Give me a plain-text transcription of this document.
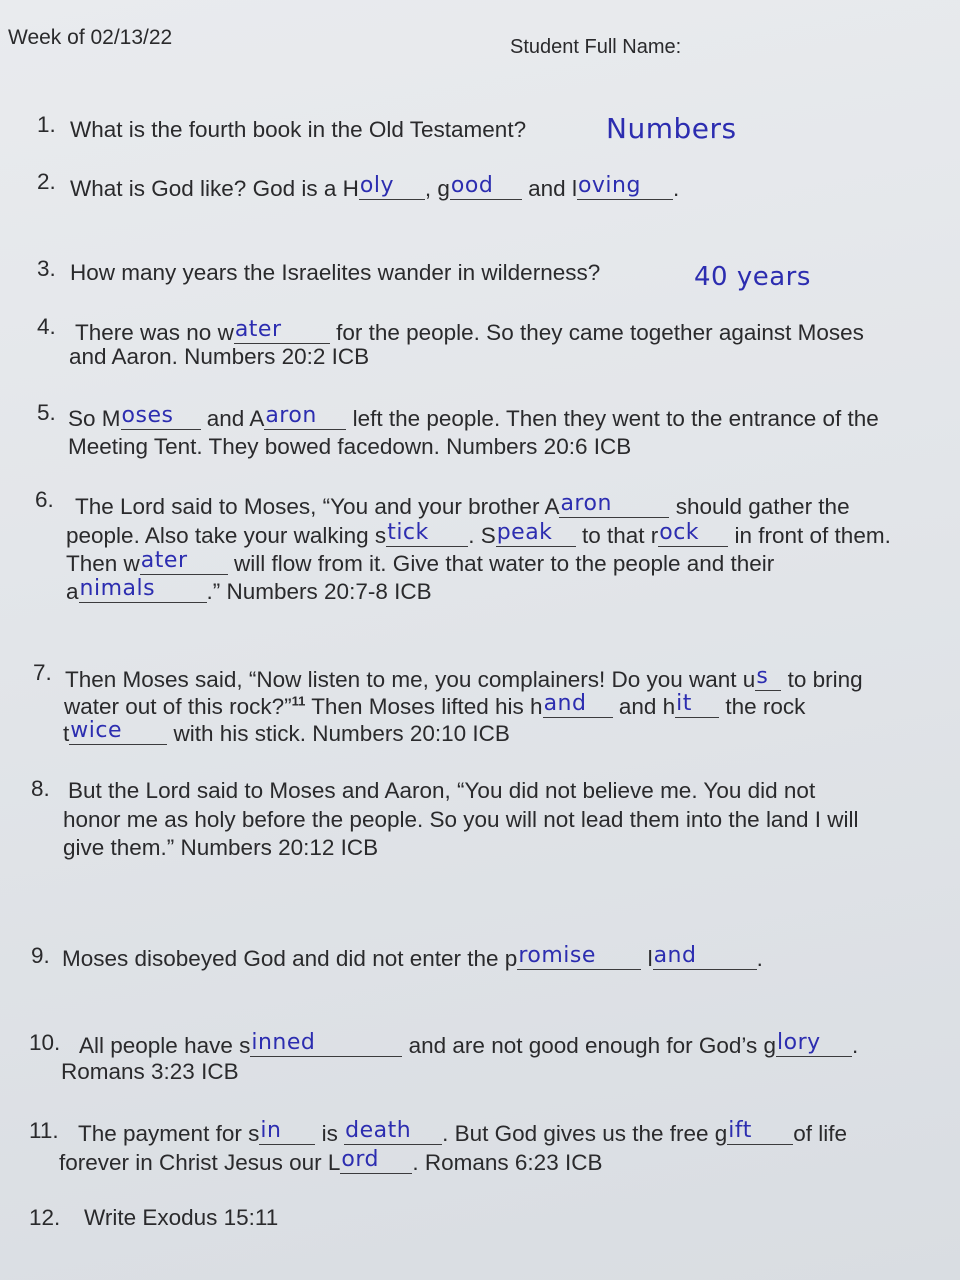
Week of 02/13/22	Student Full Name:
1. What is the fourth book in the Old Testament?	Numbers
2. What is God like? God is a H oly , g ood and l oving .
3. How many years the Israelites wander in wilderness?	40 years
4. There was no w ater for the people. So they came together against Moses
and Aaron. Numbers 20:2 ICB
5. So M oses and A aron left the people. Then they went to the entrance of the
Meeting Tent. They bowed facedown. Numbers 20:6 ICB
6. The Lord said to Moses, “You and your brother A aron	should gather the
people. Also take your walking s tick . S peak to that r ock in front of them.
Then w ater will flow from it. Give that water to the people and their
a nimals .” Numbers 20:7-8 ICB
7. Then Moses said, “Now listen to me, you complainers! Do you want u s to bring
water out of this rock?”$^{11}$ Then Moses lifted his h and and h it the rock
t wice with his stick. Numbers 20:10 ICB
8. But the Lord said to Moses and Aaron, “You did not believe me. You did not
honor me as holy before the people. So you will not lead them into the land I will
give them.” Numbers 20:12 ICB
9. Moses disobeyed God and did not enter the p romise l and	.
10. All people have s inned	and are not good enough for God’s g lory .
Romans 3:23 ICB
11. The payment for s in is death . But God gives us the free g ift of life
forever in Christ Jesus our L ord . Romans 6:23 ICB
12. Write Exodus 15:11
